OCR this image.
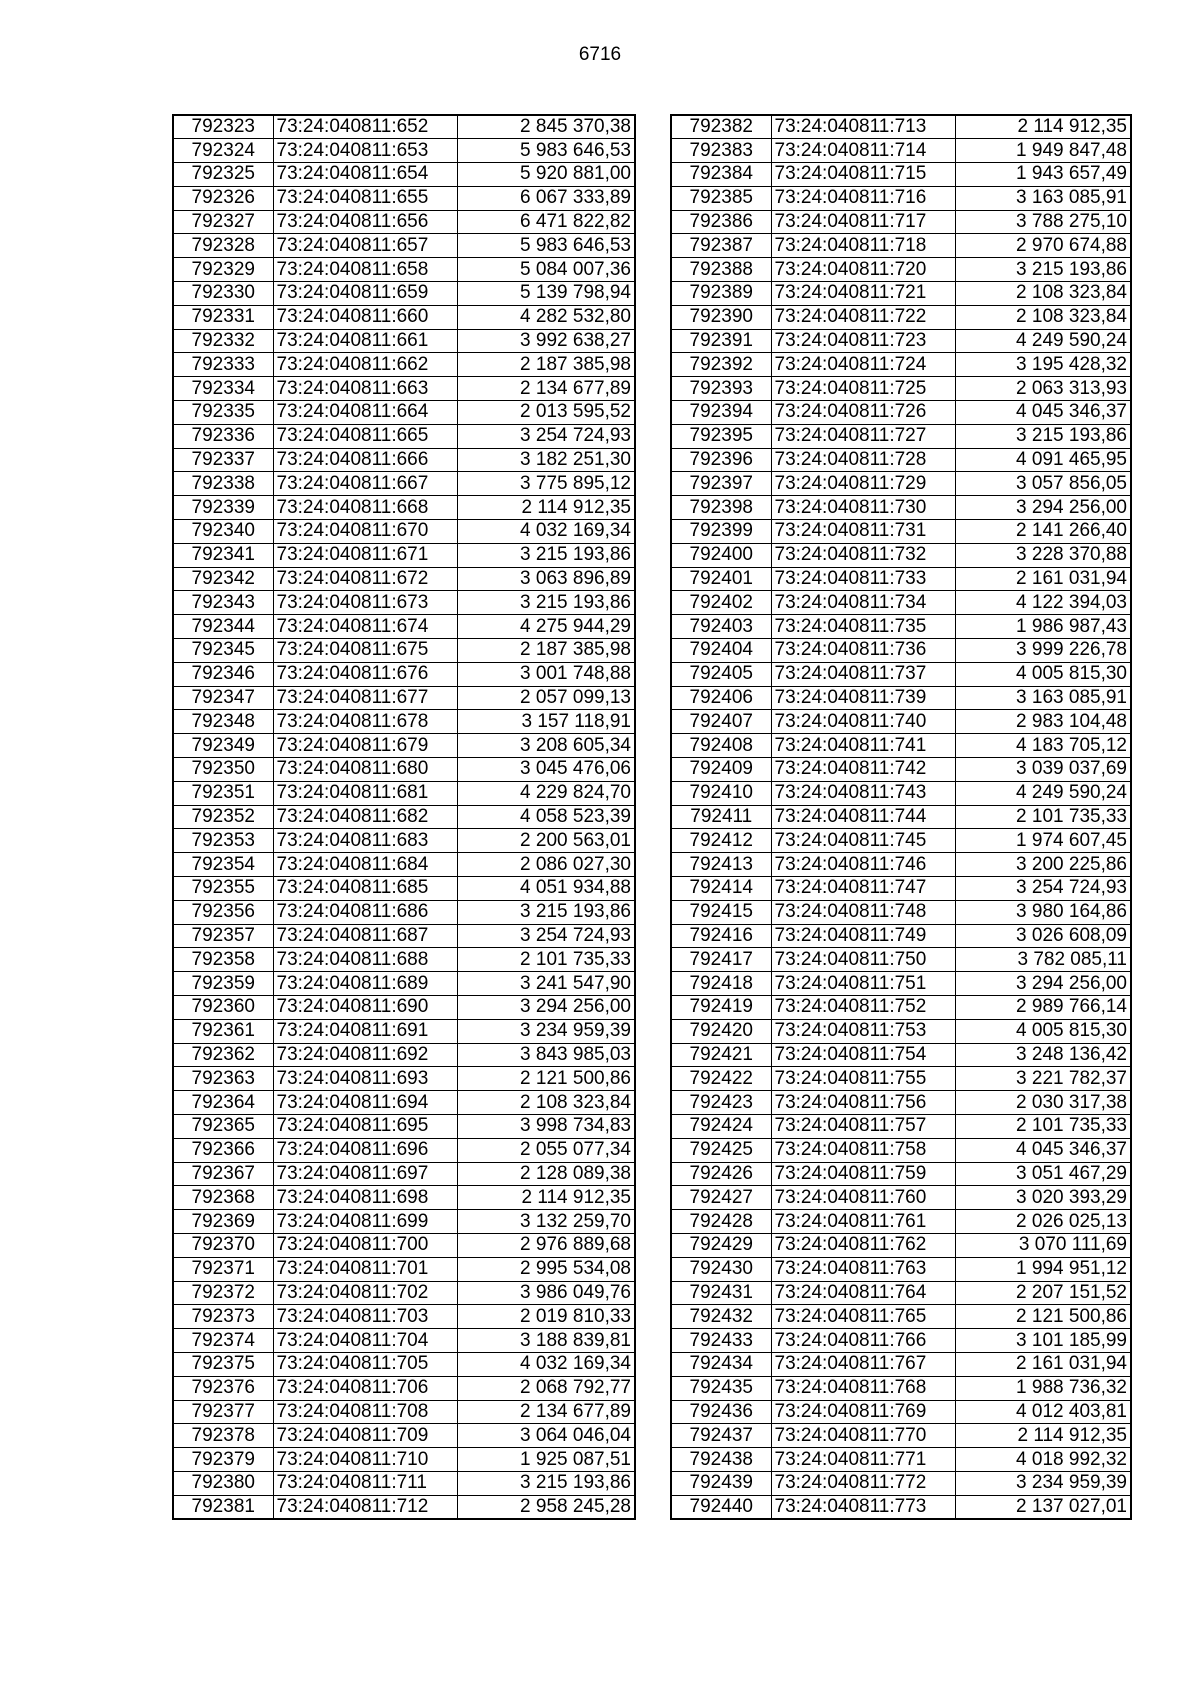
6716
792323	73:24:040811:652	2 845 370,38
792324	73:24:040811:653	5 983 646,53
792325	73:24:040811:654	5 920 881,00
792326	73:24:040811:655	6 067 333,89
792327	73:24:040811:656	6 471 822,82
792328	73:24:040811:657	5 983 646,53
792329	73:24:040811:658	5 084 007,36
792330	73:24:040811:659	5 139 798,94
792331	73:24:040811:660	4 282 532,80
792332	73:24:040811:661	3 992 638,27
792333	73:24:040811:662	2 187 385,98
792334	73:24:040811:663	2 134 677,89
792335	73:24:040811:664	2 013 595,52
792336	73:24:040811:665	3 254 724,93
792337	73:24:040811:666	3 182 251,30
792338	73:24:040811:667	3 775 895,12
792339	73:24:040811:668	2 114 912,35
792340	73:24:040811:670	4 032 169,34
792341	73:24:040811:671	3 215 193,86
792342	73:24:040811:672	3 063 896,89
792343	73:24:040811:673	3 215 193,86
792344	73:24:040811:674	4 275 944,29
792345	73:24:040811:675	2 187 385,98
792346	73:24:040811:676	3 001 748,88
792347	73:24:040811:677	2 057 099,13
792348	73:24:040811:678	3 157 118,91
792349	73:24:040811:679	3 208 605,34
792350	73:24:040811:680	3 045 476,06
792351	73:24:040811:681	4 229 824,70
792352	73:24:040811:682	4 058 523,39
792353	73:24:040811:683	2 200 563,01
792354	73:24:040811:684	2 086 027,30
792355	73:24:040811:685	4 051 934,88
792356	73:24:040811:686	3 215 193,86
792357	73:24:040811:687	3 254 724,93
792358	73:24:040811:688	2 101 735,33
792359	73:24:040811:689	3 241 547,90
792360	73:24:040811:690	3 294 256,00
792361	73:24:040811:691	3 234 959,39
792362	73:24:040811:692	3 843 985,03
792363	73:24:040811:693	2 121 500,86
792364	73:24:040811:694	2 108 323,84
792365	73:24:040811:695	3 998 734,83
792366	73:24:040811:696	2 055 077,34
792367	73:24:040811:697	2 128 089,38
792368	73:24:040811:698	2 114 912,35
792369	73:24:040811:699	3 132 259,70
792370	73:24:040811:700	2 976 889,68
792371	73:24:040811:701	2 995 534,08
792372	73:24:040811:702	3 986 049,76
792373	73:24:040811:703	2 019 810,33
792374	73:24:040811:704	3 188 839,81
792375	73:24:040811:705	4 032 169,34
792376	73:24:040811:706	2 068 792,77
792377	73:24:040811:708	2 134 677,89
792378	73:24:040811:709	3 064 046,04
792379	73:24:040811:710	1 925 087,51
792380	73:24:040811:711	3 215 193,86
792381	73:24:040811:712	2 958 245,28
792382	73:24:040811:713	2 114 912,35
792383	73:24:040811:714	1 949 847,48
792384	73:24:040811:715	1 943 657,49
792385	73:24:040811:716	3 163 085,91
792386	73:24:040811:717	3 788 275,10
792387	73:24:040811:718	2 970 674,88
792388	73:24:040811:720	3 215 193,86
792389	73:24:040811:721	2 108 323,84
792390	73:24:040811:722	2 108 323,84
792391	73:24:040811:723	4 249 590,24
792392	73:24:040811:724	3 195 428,32
792393	73:24:040811:725	2 063 313,93
792394	73:24:040811:726	4 045 346,37
792395	73:24:040811:727	3 215 193,86
792396	73:24:040811:728	4 091 465,95
792397	73:24:040811:729	3 057 856,05
792398	73:24:040811:730	3 294 256,00
792399	73:24:040811:731	2 141 266,40
792400	73:24:040811:732	3 228 370,88
792401	73:24:040811:733	2 161 031,94
792402	73:24:040811:734	4 122 394,03
792403	73:24:040811:735	1 986 987,43
792404	73:24:040811:736	3 999 226,78
792405	73:24:040811:737	4 005 815,30
792406	73:24:040811:739	3 163 085,91
792407	73:24:040811:740	2 983 104,48
792408	73:24:040811:741	4 183 705,12
792409	73:24:040811:742	3 039 037,69
792410	73:24:040811:743	4 249 590,24
792411	73:24:040811:744	2 101 735,33
792412	73:24:040811:745	1 974 607,45
792413	73:24:040811:746	3 200 225,86
792414	73:24:040811:747	3 254 724,93
792415	73:24:040811:748	3 980 164,86
792416	73:24:040811:749	3 026 608,09
792417	73:24:040811:750	3 782 085,11
792418	73:24:040811:751	3 294 256,00
792419	73:24:040811:752	2 989 766,14
792420	73:24:040811:753	4 005 815,30
792421	73:24:040811:754	3 248 136,42
792422	73:24:040811:755	3 221 782,37
792423	73:24:040811:756	2 030 317,38
792424	73:24:040811:757	2 101 735,33
792425	73:24:040811:758	4 045 346,37
792426	73:24:040811:759	3 051 467,29
792427	73:24:040811:760	3 020 393,29
792428	73:24:040811:761	2 026 025,13
792429	73:24:040811:762	3 070 111,69
792430	73:24:040811:763	1 994 951,12
792431	73:24:040811:764	2 207 151,52
792432	73:24:040811:765	2 121 500,86
792433	73:24:040811:766	3 101 185,99
792434	73:24:040811:767	2 161 031,94
792435	73:24:040811:768	1 988 736,32
792436	73:24:040811:769	4 012 403,81
792437	73:24:040811:770	2 114 912,35
792438	73:24:040811:771	4 018 992,32
792439	73:24:040811:772	3 234 959,39
792440	73:24:040811:773	2 137 027,01
